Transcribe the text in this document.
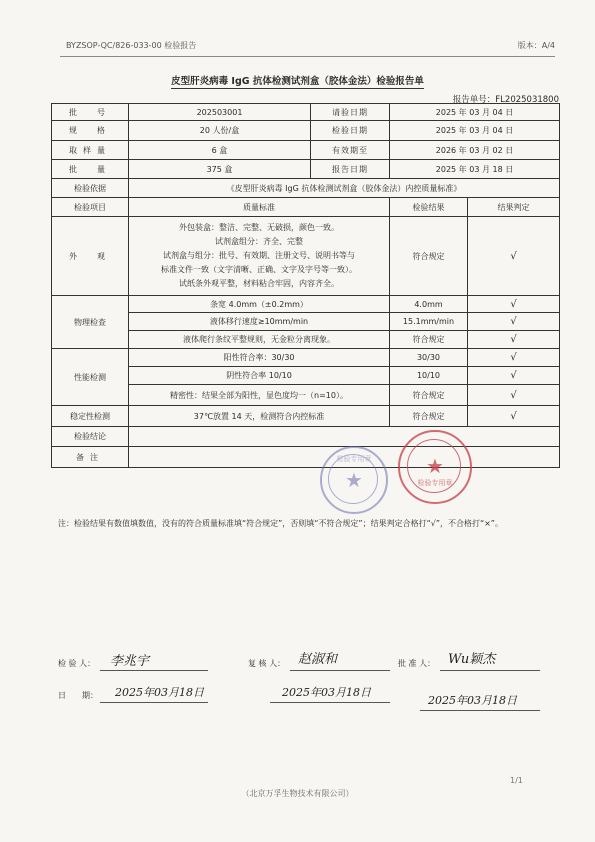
BYZSOP-QC/826-033-00 检验报告	版本：A/4
皮型肝炎病毒 IgG 抗体检测试剂盒（胶体金法）检验报告单
报告单号：FL2025031800
批　号	202503001	请验日期	2025 年 03 月 04 日	
规　格	20 人份/盒	检验日期	2025 年 03 月 04 日	
取样量	6 盒	有效期至	2026 年 03 月 02 日	
批　量	375 盒	报告日期	2025 年 03 月 18 日	
检验依据	《皮型肝炎病毒 IgG 抗体检测试剂盒（胶体金法）内控质量标准》			
检验项目	质量标准		检验结果	结果判定
外　观	外包装盒：整洁、完整、无破损，颜色一致。
试剂盒组分：齐全、完整
试剂盒与组分：批号、有效期、注册文号、说明书等与
标准文件一致（文字清晰、正确、文字及字号等一致）。
试纸条外观平整，材料粘合牢固，内容齐全。		符合规定	√
物理检查	条宽 4.0mm（±0.2mm）		4.0mm	√
	液体移行速度≥10mm/min		15.1mm/min	√
	液体爬行条纹平整规则，无金粒分离现象。		符合规定	√
性能检测	阳性符合率：30/30		30/30	√
	阴性符合率 10/10		10/10	√
	精密性：结果全部为阳性，显色度均一（n=10）。		符合规定	√
稳定性检测	37℃放置 14 天，检测符合内控标准		符合规定	√
检验结论				
备注				
★
检验专用章	★
检验专用章
注：检验结果有数值填数值，没有的符合质量标准填“符合规定”，否则填“不符合规定”；结果判定合格打“√”，不合格打“×”。
检 验 人： 李兆宇	复 核 人： 赵淑和	批 准 人： Wu颖杰
日　　期： 2025年03月18日	2025年03月18日
2025年03月18日
1/1
（北京万孚生物技术有限公司）
